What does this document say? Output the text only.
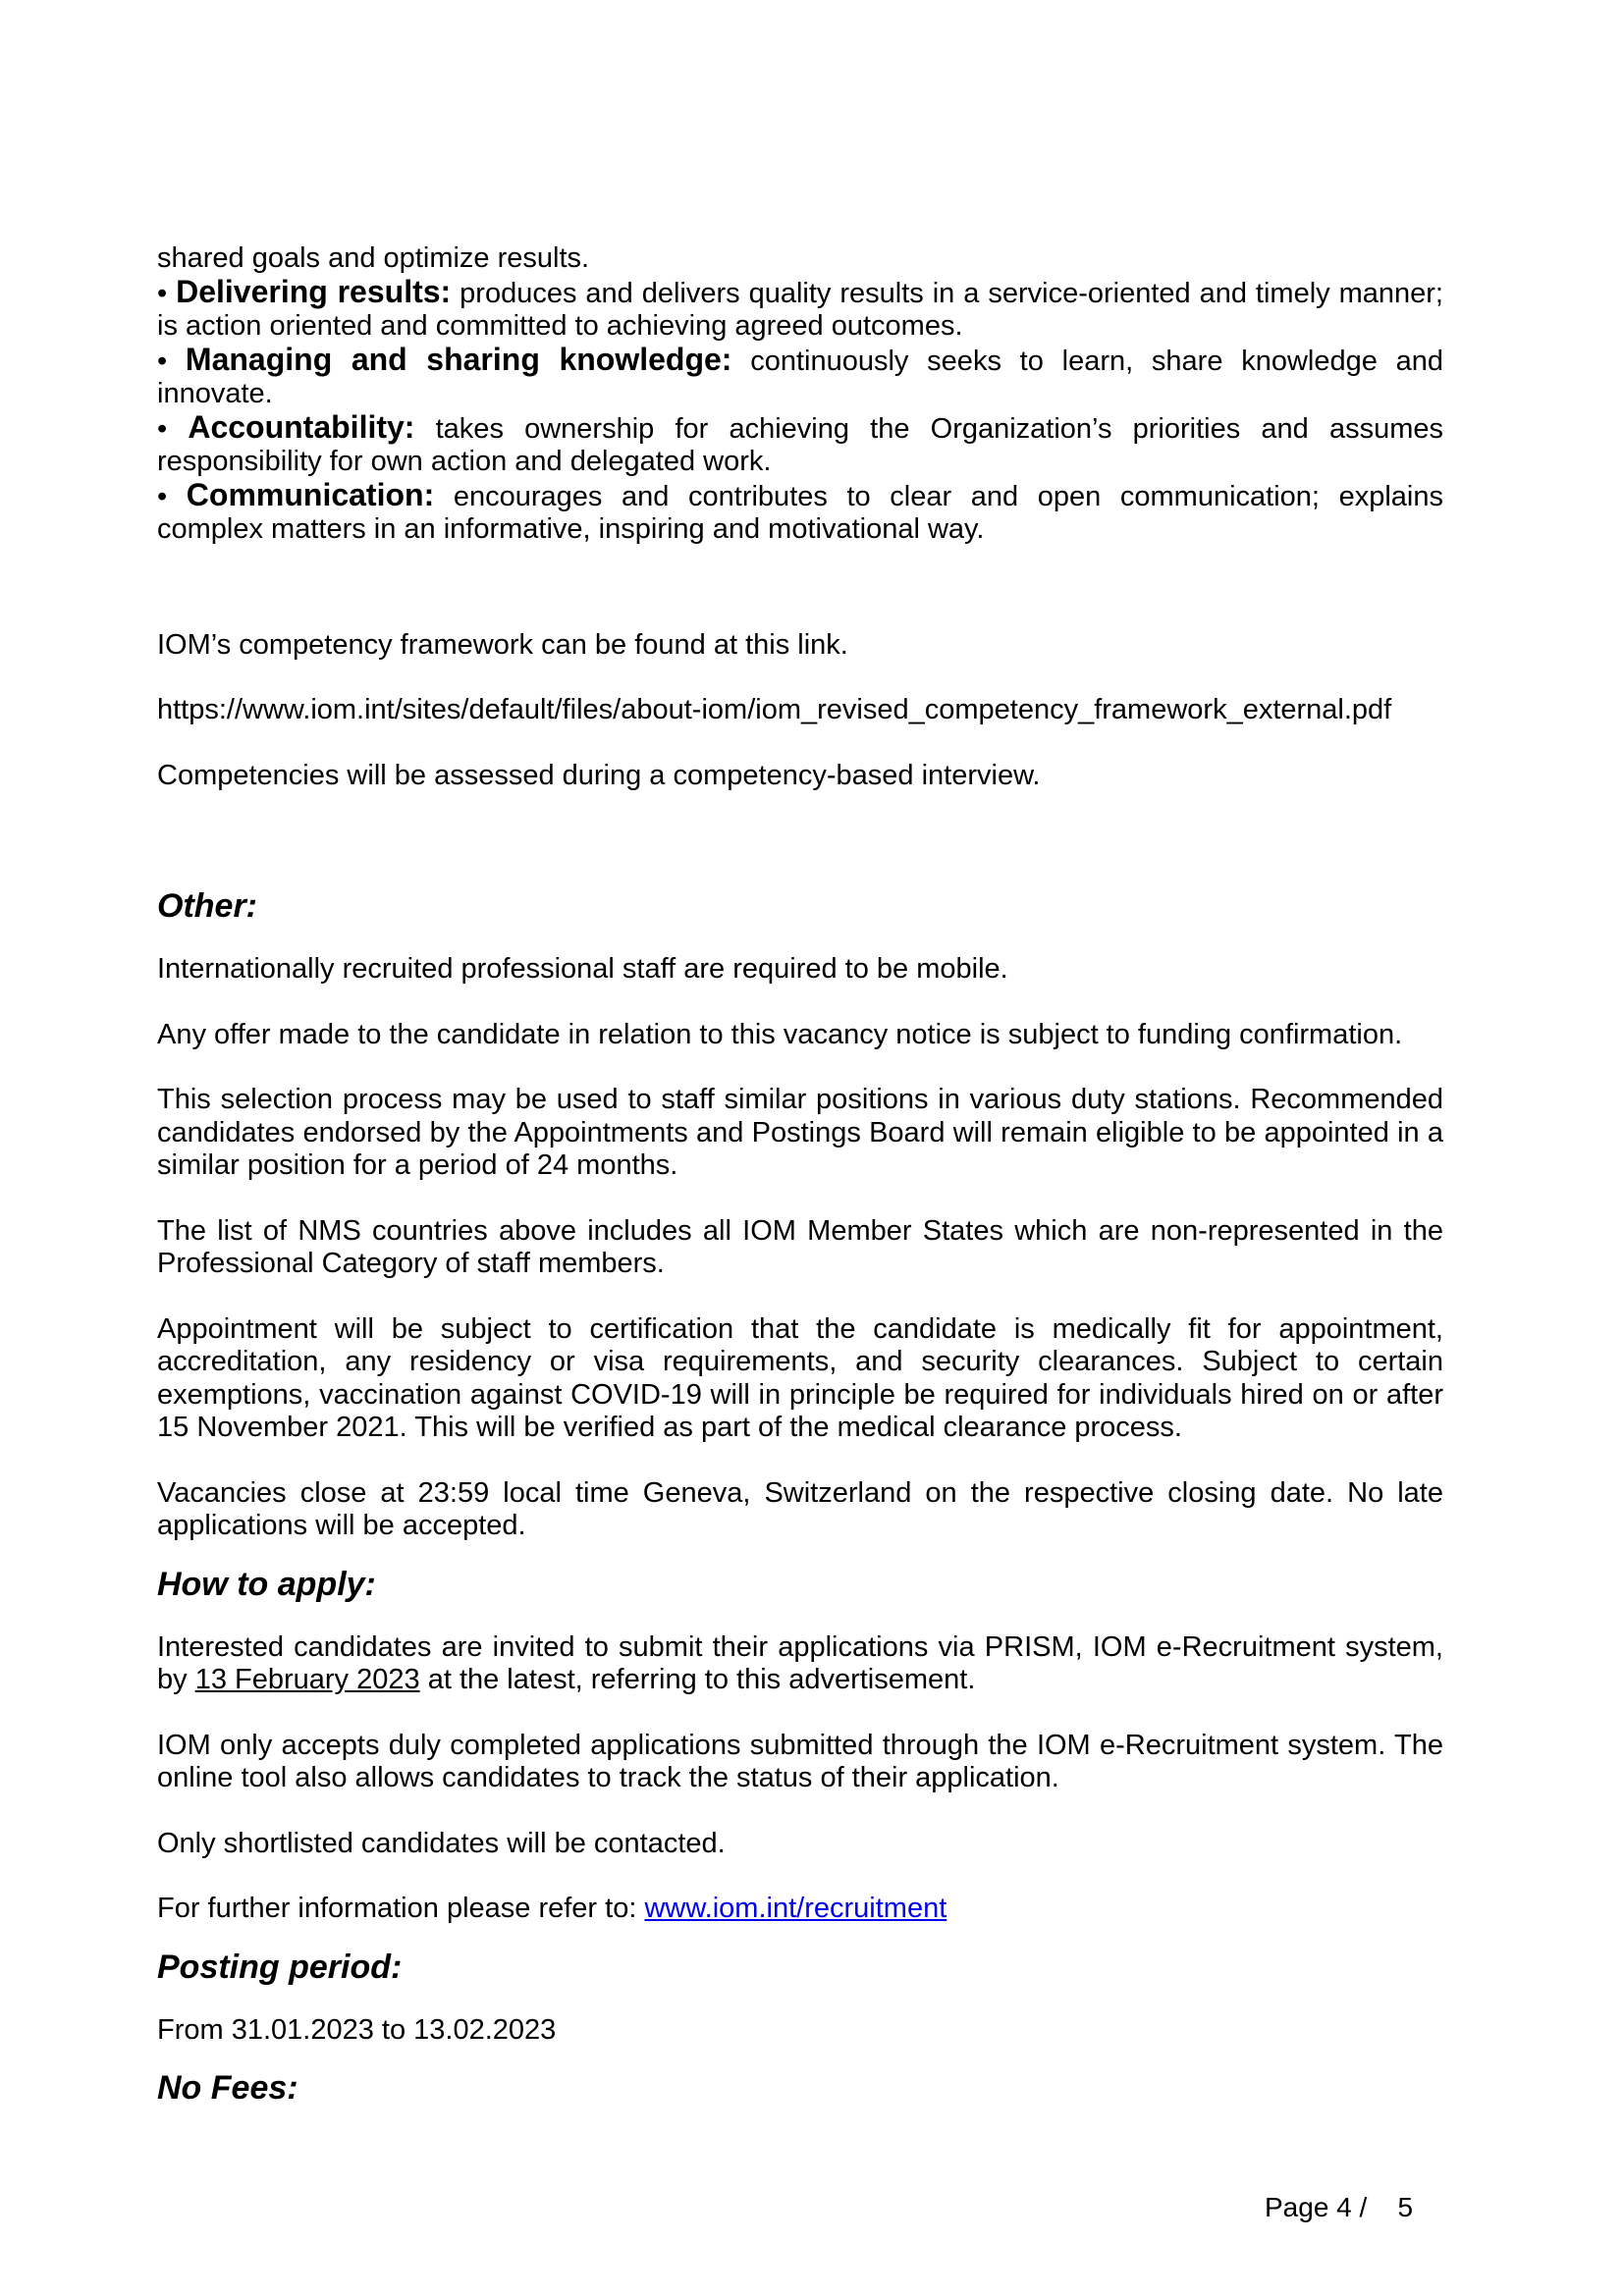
shared goals and optimize results.

• Delivering results: produces and delivers quality results in a service-oriented and timely manner; is action oriented and committed to achieving agreed outcomes.

• Managing and sharing knowledge: continuously seeks to learn, share knowledge and innovate.

• Accountability: takes ownership for achieving the Organization’s priorities and assumes responsibility for own action and delegated work.

• Communication: encourages and contributes to clear and open communication; explains complex matters in an informative, inspiring and motivational way.

IOM’s competency framework can be found at this link.

https://www.iom.int/sites/default/files/about-iom/iom_revised_competency_framework_external.pdf

Competencies will be assessed during a competency-based interview.

Other:

Internationally recruited professional staff are required to be mobile.

Any offer made to the candidate in relation to this vacancy notice is subject to funding confirmation.

This selection process may be used to staff similar positions in various duty stations. Recommended candidates endorsed by the Appointments and Postings Board will remain eligible to be appointed in a similar position for a period of 24 months.

The list of NMS countries above includes all IOM Member States which are non-represented in the Professional Category of staff members.

Appointment will be subject to certification that the candidate is medically fit for appointment, accreditation, any residency or visa requirements, and security clearances. Subject to certain exemptions, vaccination against COVID-19 will in principle be required for individuals hired on or after 15 November 2021. This will be verified as part of the medical clearance process.

Vacancies close at 23:59 local time Geneva, Switzerland on the respective closing date. No late applications will be accepted.

How to apply:

Interested candidates are invited to submit their applications via PRISM, IOM e-Recruitment system, by 13 February 2023 at the latest, referring to this advertisement.

IOM only accepts duly completed applications submitted through the IOM e-Recruitment system. The online tool also allows candidates to track the status of their application.

Only shortlisted candidates will be contacted.

For further information please refer to: www.iom.int/recruitment

Posting period:

From 31.01.2023 to 13.02.2023

No Fees:
Page 4 / 5
